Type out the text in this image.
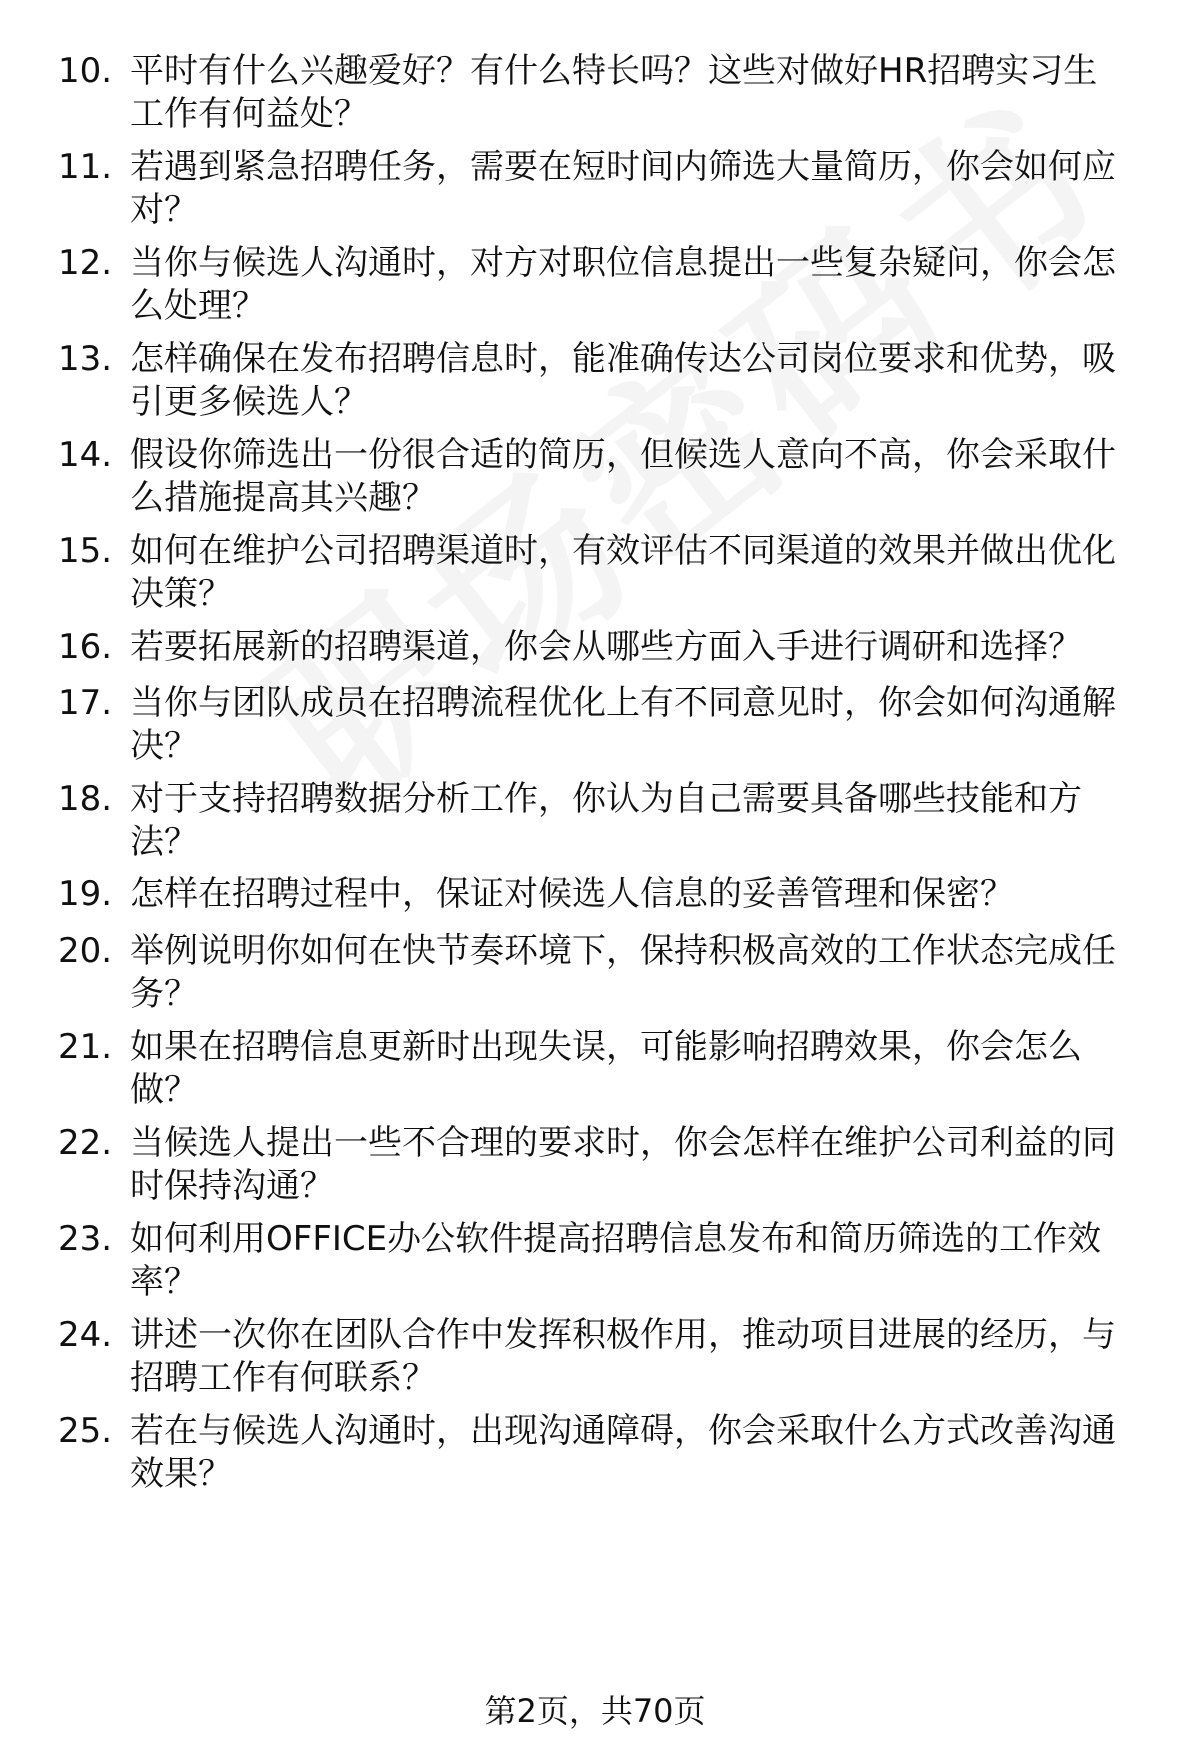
10. 平时有什么兴趣爱好？有什么特长吗？这些对做好HR招聘实习生工作有何益处？
11. 若遇到紧急招聘任务，需要在短时间内筛选大量简历，你会如何应对？
12. 当你与候选人沟通时，对方对职位信息提出一些复杂疑问，你会怎么处理？
13. 怎样确保在发布招聘信息时，能准确传达公司岗位要求和优势，吸引更多候选人？
14. 假设你筛选出一份很合适的简历，但候选人意向不高，你会采取什么措施提高其兴趣？
15. 如何在维护公司招聘渠道时，有效评估不同渠道的效果并做出优化决策？
16. 若要拓展新的招聘渠道，你会从哪些方面入手进行调研和选择？
17. 当你与团队成员在招聘流程优化上有不同意见时，你会如何沟通解决？
18. 对于支持招聘数据分析工作，你认为自己需要具备哪些技能和方法？
19. 怎样在招聘过程中，保证对候选人信息的妥善管理和保密？
20. 举例说明你如何在快节奏环境下，保持积极高效的工作状态完成任务？
21. 如果在招聘信息更新时出现失误，可能影响招聘效果，你会怎么做？
22. 当候选人提出一些不合理的要求时，你会怎样在维护公司利益的同时保持沟通？
23. 如何利用OFFICE办公软件提高招聘信息发布和简历筛选的工作效率？
24. 讲述一次你在团队合作中发挥积极作用，推动项目进展的经历，与招聘工作有何联系？
25. 若在与候选人沟通时，出现沟通障碍，你会采取什么方式改善沟通效果？
第2页，共70页
